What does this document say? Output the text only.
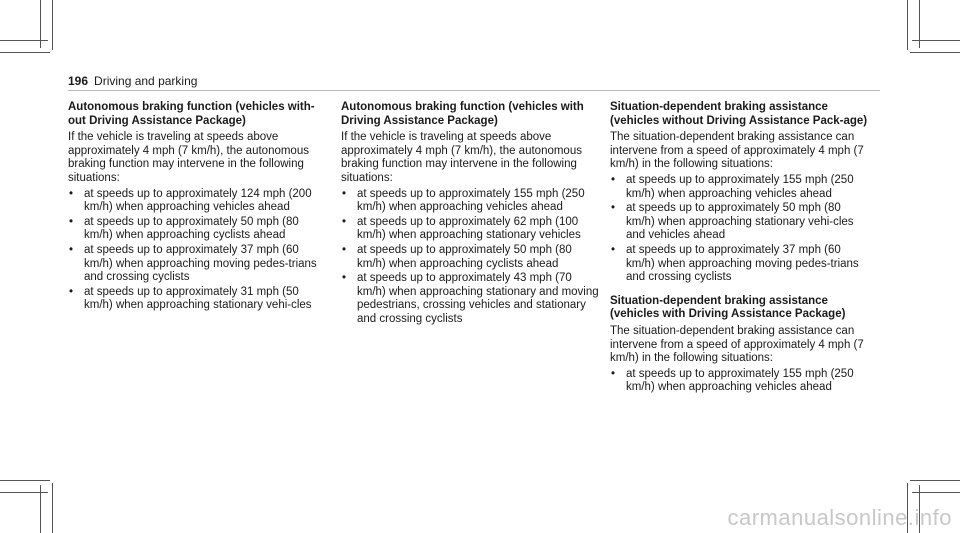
196 Driving and parking
Autonomous braking function (vehicles with-out Driving Assistance Package)

If the vehicle is traveling at speeds above approximately 4 mph (7 km/h), the autonomous braking function may intervene in the following situations:

• at speeds up to approximately 124 mph (200 km/h) when approaching vehicles ahead
• at speeds up to approximately 50 mph (80 km/h) when approaching cyclists ahead
• at speeds up to approximately 37 mph (60 km/h) when approaching moving pedes-trians and crossing cyclists
• at speeds up to approximately 31 mph (50 km/h) when approaching stationary vehi-cles
Autonomous braking function (vehicles with Driving Assistance Package)

If the vehicle is traveling at speeds above approximately 4 mph (7 km/h), the autonomous braking function may intervene in the following situations:

• at speeds up to approximately 155 mph (250 km/h) when approaching vehicles ahead
• at speeds up to approximately 62 mph (100 km/h) when approaching stationary vehicles
• at speeds up to approximately 50 mph (80 km/h) when approaching cyclists ahead
• at speeds up to approximately 43 mph (70 km/h) when approaching stationary and moving pedestrians, crossing vehicles and stationary and crossing cyclists
Situation-dependent braking assistance (vehicles without Driving Assistance Pack-age)

The situation-dependent braking assistance can intervene from a speed of approximately 4 mph (7 km/h) in the following situations:

• at speeds up to approximately 155 mph (250 km/h) when approaching vehicles ahead
• at speeds up to approximately 50 mph (80 km/h) when approaching stationary vehi-cles and vehicles ahead
• at speeds up to approximately 37 mph (60 km/h) when approaching moving pedes-trians and crossing cyclists
Situation-dependent braking assistance (vehicles with Driving Assistance Package)

The situation-dependent braking assistance can intervene from a speed of approximately 4 mph (7 km/h) in the following situations:

• at speeds up to approximately 155 mph (250 km/h) when approaching vehicles ahead
carmanualsonline.info
